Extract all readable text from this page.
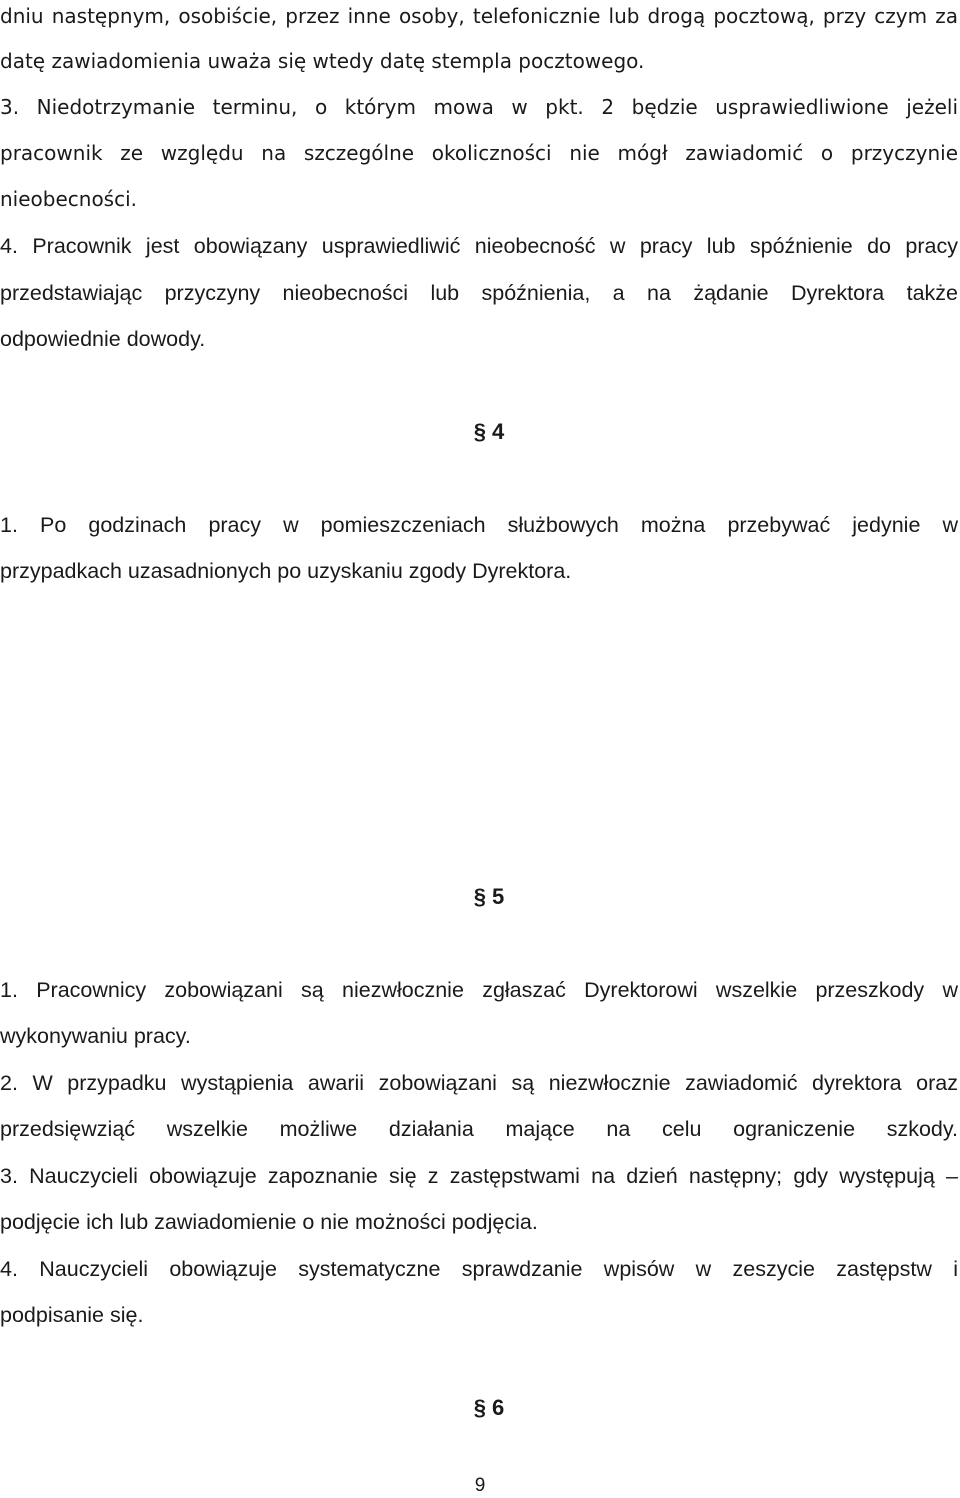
dniu następnym, osobiście, przez inne osoby, telefonicznie lub drogą pocztową, przy czym za
datę zawiadomienia uważa się wtedy datę stempla pocztowego.
3. Niedotrzymanie terminu, o którym mowa w pkt. 2 będzie usprawiedliwione jeżeli
pracownik ze względu na szczególne okoliczności nie mógł zawiadomić o przyczynie
nieobecności.
4. Pracownik jest obowiązany usprawiedliwić nieobecność w pracy lub spóźnienie do pracy
przedstawiając przyczyny nieobecności lub spóźnienia, a na żądanie Dyrektora także
odpowiednie dowody.
§ 4
1. Po godzinach pracy w pomieszczeniach służbowych można przebywać jedynie w
przypadkach uzasadnionych po uzyskaniu zgody Dyrektora.
§ 5
1. Pracownicy zobowiązani są niezwłocznie zgłaszać Dyrektorowi wszelkie przeszkody w
wykonywaniu pracy.
2. W przypadku wystąpienia awarii zobowiązani są niezwłocznie zawiadomić dyrektora oraz
przedsięwziąć wszelkie możliwe działania mające na celu ograniczenie szkody.
3. Nauczycieli obowiązuje zapoznanie się z zastępstwami na dzień następny; gdy występują –
podjęcie ich lub zawiadomienie o nie możności podjęcia.
4. Nauczycieli obowiązuje systematyczne sprawdzanie wpisów w zeszycie zastępstw i
podpisanie się.
§ 6
9
